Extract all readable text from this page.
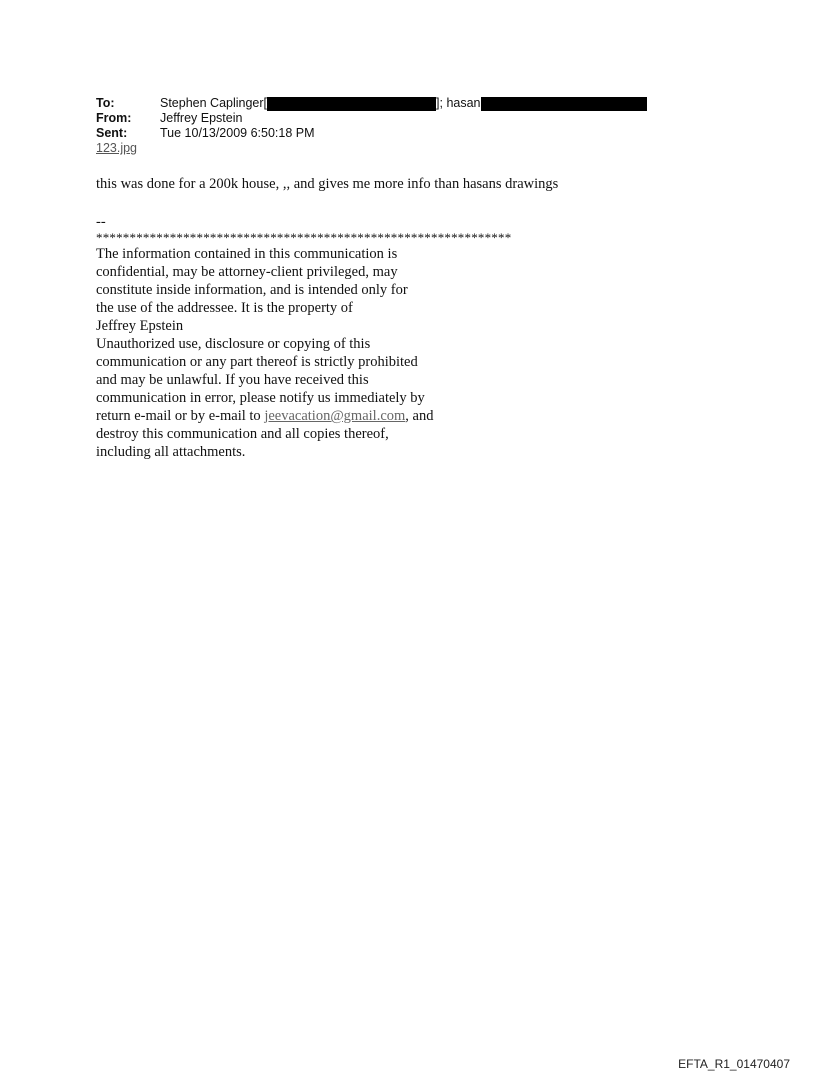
To:	Stephen Caplinger [	]; hasan
From:	Jeffrey Epstein
Sent:	Tue 10/13/2009 6:50:18 PM
123.jpg

this was done for a 200k house, ,, and gives me more info than hasans drawings

--

**************************************************************

The information contained in this communication is

confidential, may be attorney-client privileged, may

constitute inside information, and is intended only for

the use of the addressee. It is the property of

Jeffrey Epstein

Unauthorized use, disclosure or copying of this

communication or any part thereof is strictly prohibited

and may be unlawful. If you have received this

communication in error, please notify us immediately by

return e-mail or by e-mail to jeevacation@gmail.com, and

destroy this communication and all copies thereof,

including all attachments.

EFTA_R1_01470407
